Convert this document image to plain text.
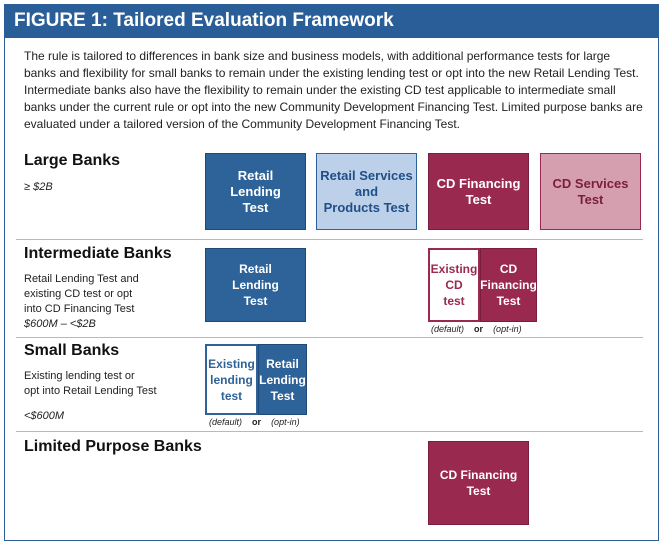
FIGURE 1: Tailored Evaluation Framework
The rule is tailored to differences in bank size and business models, with additional performance tests for large banks and flexibility for small banks to remain under the existing lending test or opt into the new Retail Lending Test. Intermediate banks also have the flexibility to remain under the existing CD test applicable to intermediate small banks under the current rule or opt into the new Community Development Financing Test. Limited purpose banks are evaluated under a tailored version of the Community Development Financing Test.
Large Banks
≥ $2B
Retail
Lending
Test
Retail Services
and
Products Test
CD Financing
Test
CD Services
Test
Intermediate Banks
Retail Lending Test and
existing CD test or opt
into CD Financing Test
$600M – <$2B
Retail
Lending
Test
Existing
CD
test
CD
Financing
Test
(default) or (opt-in)
Small Banks
Existing lending test or
opt into Retail Lending Test
<$600M
Existing
lending
test
Retail
Lending
Test
(default) or (opt-in)
Limited Purpose Banks
CD Financing
Test
